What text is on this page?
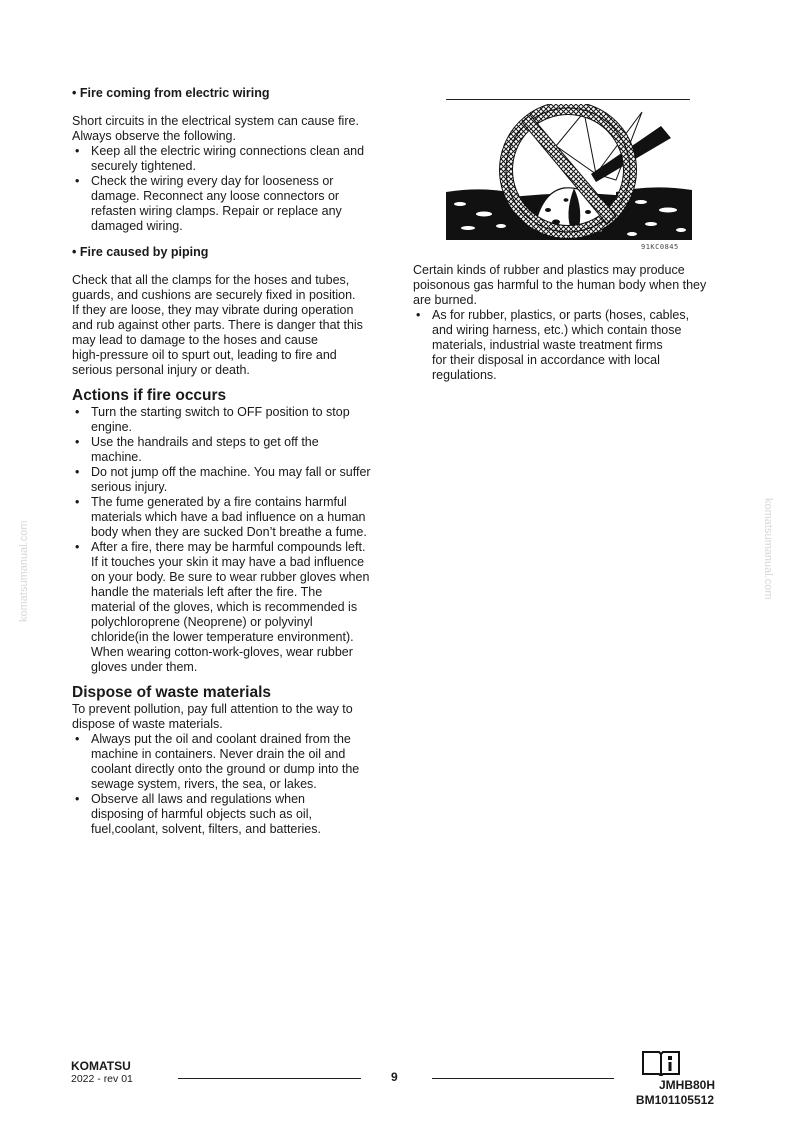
komatsumanual.com	komatsumanual.com
• Fire coming from electric wiring

Short circuits in the electrical system can cause fire.
Always observe the following.

• Keep all the electric wiring connections clean and
securely tightened.
• Check the wiring every day for looseness or
damage. Reconnect any loose connectors or
refasten wiring clamps. Repair or replace any
damaged wiring.
• Fire caused by piping

Check that all the clamps for the hoses and tubes,
guards, and cushions are securely fixed in position.
If they are loose, they may vibrate during operation
and rub against other parts. There is danger that this
may lead to damage to the hoses and cause
high-pressure oil to spurt out, leading to fire and
serious personal injury or death.

Actions if fire occurs
• Turn the starting switch to OFF position to stop
engine.
• Use the handrails and steps to get off the
machine.
• Do not jump off the machine. You may fall or suffer
serious injury.
• The fume generated by a fire contains harmful
materials which have a bad influence on a human
body when they are sucked Don’t breathe a fume.
• After a fire, there may be harmful compounds left.
If it touches your skin it may have a bad influence
on your body. Be sure to wear rubber gloves when
handle the materials left after the fire. The
material of the gloves, which is recommended is
polychloroprene (Neoprene) or polyvinyl
chloride(in the lower temperature environment).
When wearing cotton-work-gloves, wear rubber
gloves under them.
Dispose of waste materials

To prevent pollution, pay full attention to the way to
dispose of waste materials.

• Always put the oil and coolant drained from the
machine in containers. Never drain the oil and
coolant directly onto the ground or dump into the
sewage system, rivers, the sea, or lakes.
• Observe all laws and regulations when
disposing of harmful objects such as oil,
fuel,coolant, solvent, filters, and batteries.
91KC0845

Certain kinds of rubber and plastics may produce
poisonous gas harmful to the human body when they
are burned.

• As for rubber, plastics, or parts (hoses, cables,
and wiring harness, etc.) which contain those
materials, industrial waste treatment firms
for their disposal in accordance with local
regulations.
KOMATSU
2022 - rev 01	9
JMHB80H
BM101105512
